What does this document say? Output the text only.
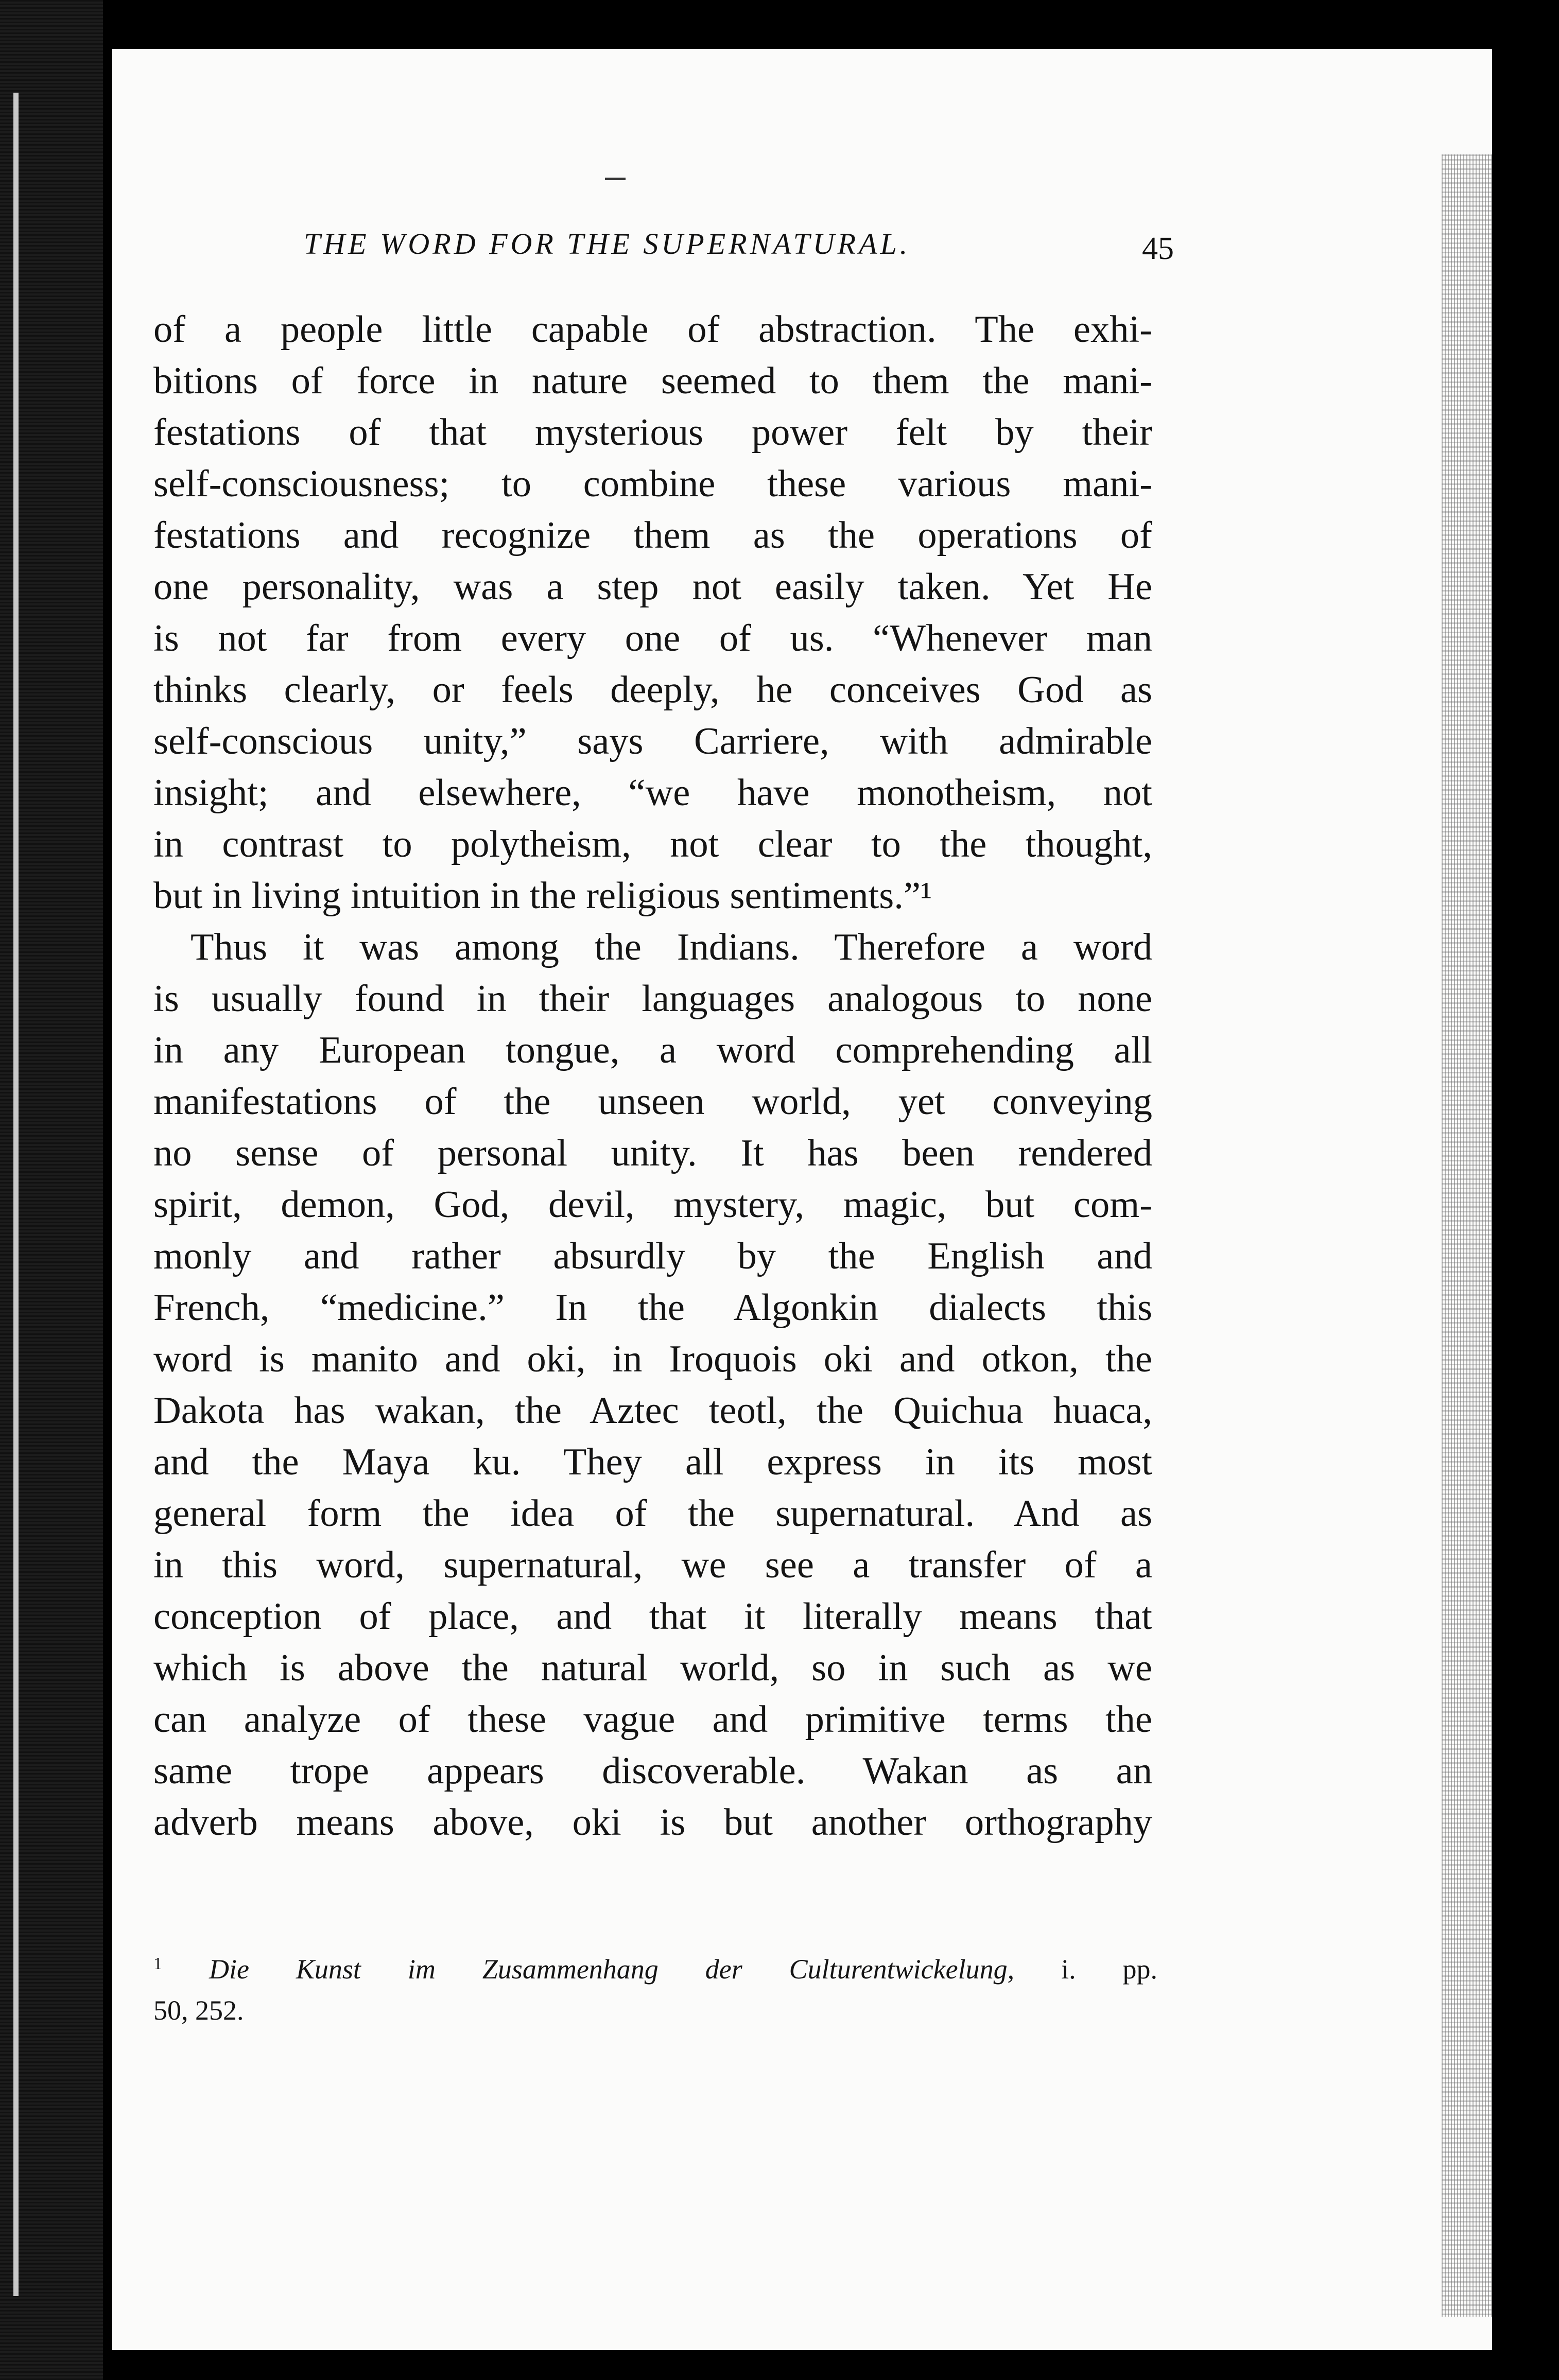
THE WORD FOR THE SUPERNATURAL.	45
of a people little capable of abstraction. The exhi-
bitions of force in nature seemed to them the mani-
festations of that mysterious power felt by their
self-consciousness; to combine these various mani-
festations and recognize them as the operations of
one personality, was a step not easily taken. Yet He
is not far from every one of us. “Whenever man
thinks clearly, or feels deeply, he conceives God as
self-conscious unity,” says Carriere, with admirable
insight; and elsewhere, “we have monotheism, not
in contrast to polytheism, not clear to the thought,
but in living intuition in the religious sentiments.”¹
Thus it was among the Indians. Therefore a word
is usually found in their languages analogous to none
in any European tongue, a word comprehending all
manifestations of the unseen world, yet conveying
no sense of personal unity. It has been rendered
spirit, demon, God, devil, mystery, magic, but com-
monly and rather absurdly by the English and
French, “medicine.” In the Algonkin dialects this
word is manito and oki, in Iroquois oki and otkon, the
Dakota has wakan, the Aztec teotl, the Quichua huaca,
and the Maya ku. They all express in its most
general form the idea of the supernatural. And as
in this word, supernatural, we see a transfer of a
conception of place, and that it literally means that
which is above the natural world, so in such as we
can analyze of these vague and primitive terms the
same trope appears discoverable. Wakan as an
adverb means above, oki is but another orthography
$^1$ Die Kunst im Zusammenhang der Culturentwickelung, i. pp.
50, 252.
